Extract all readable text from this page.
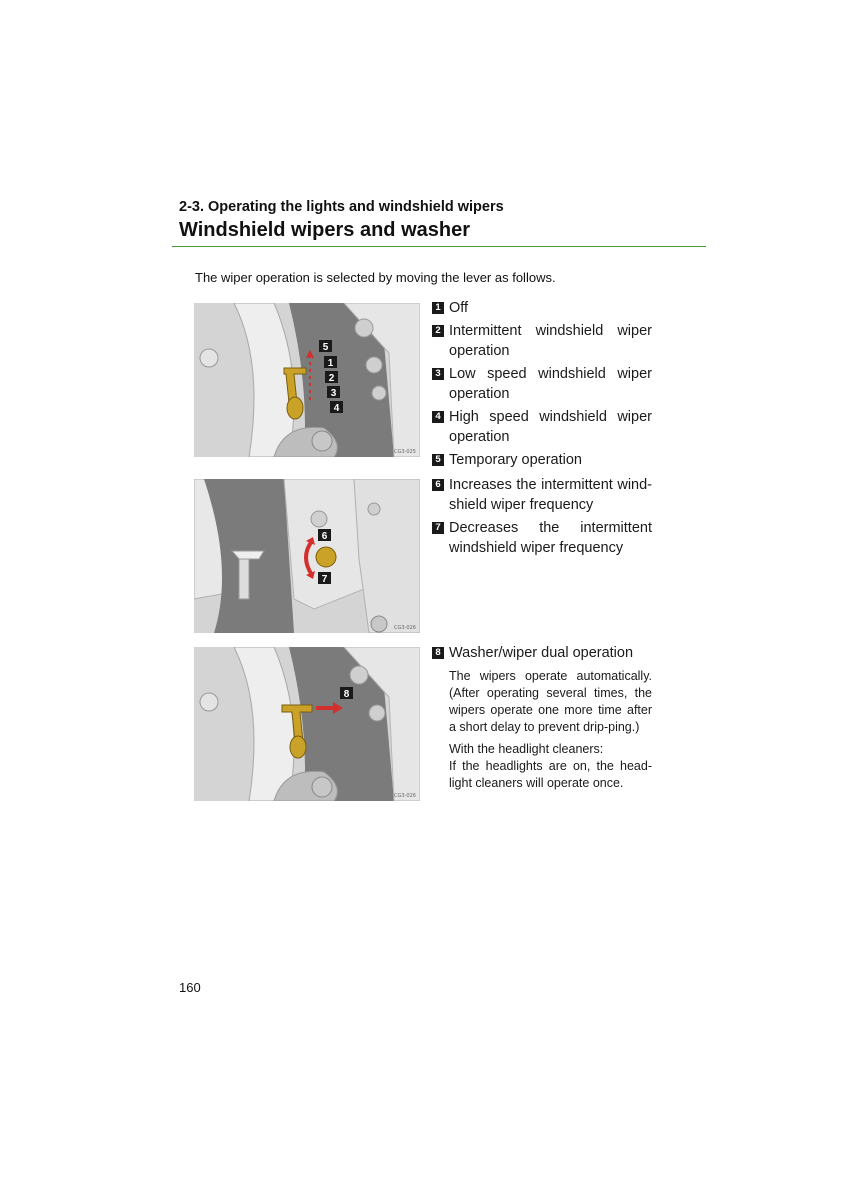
2-3. Operating the lights and windshield wipers
Windshield wipers and washer
The wiper operation is selected by moving the lever as follows.
5
1
2
3
4
CG3-025
6
7
CG3-026
8
CG3-026
1 Off
2 Intermittent windshield wiper operation
3 Low speed windshield wiper operation
4 High speed windshield wiper operation
5 Temporary operation
6 Increases the intermittent wind-shield wiper frequency
7 Decreases the intermittent windshield wiper frequency
8 Washer/wiper dual operation

The wipers operate automatically. (After operating several times, the wipers operate one more time after a short delay to prevent drip-ping.)

With the headlight cleaners:

If the headlights are on, the head-light cleaners will operate once.

160
